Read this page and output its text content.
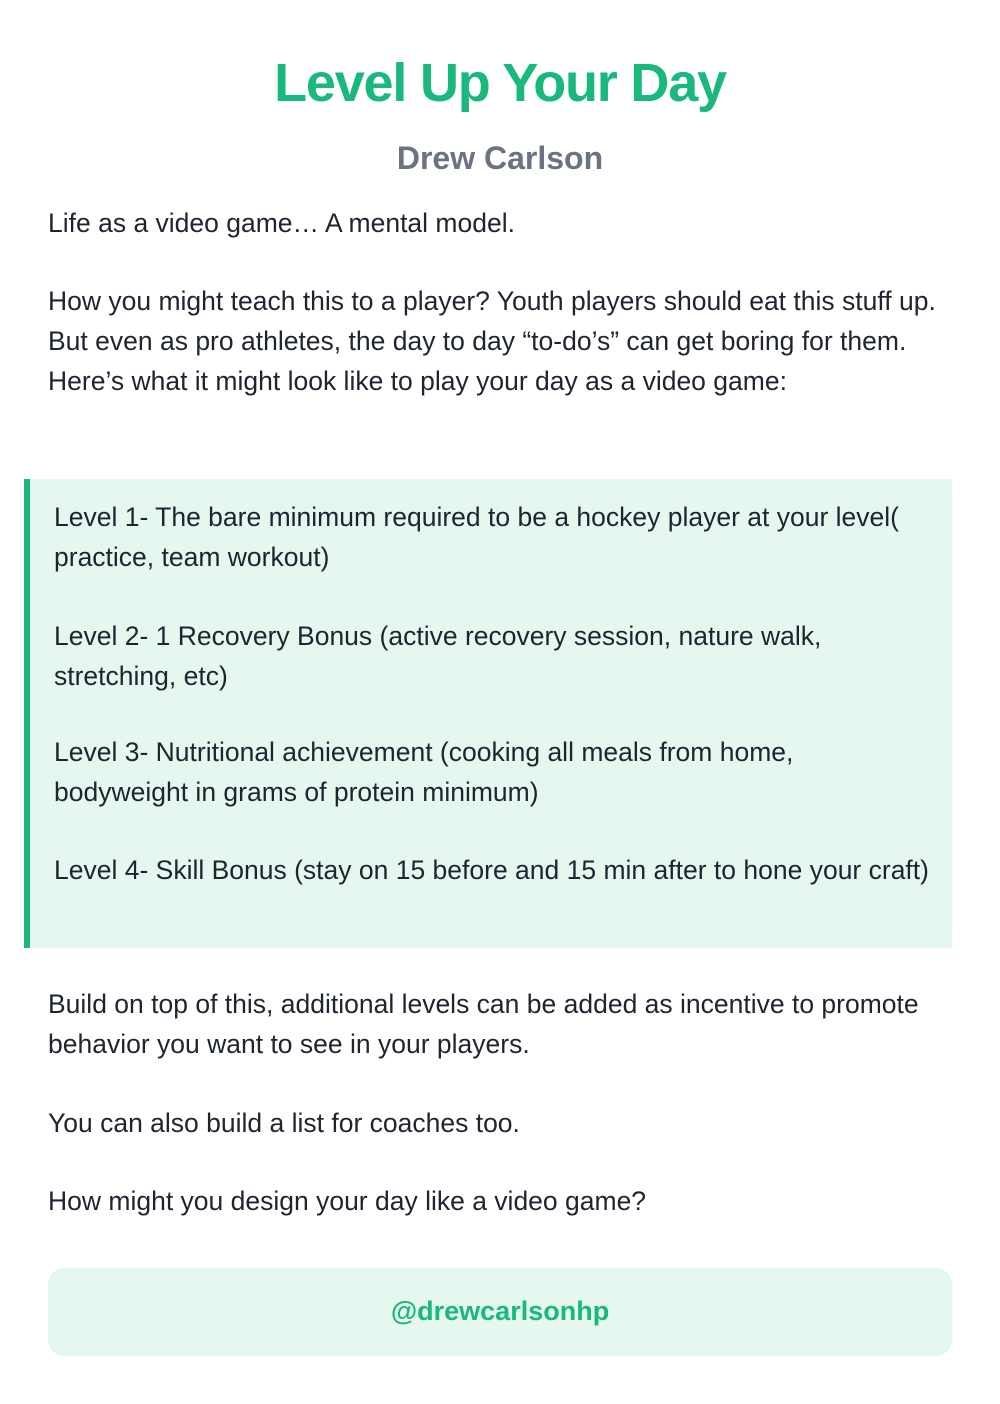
Level Up Your Day
Drew Carlson

Life as a video game… A mental model.

How you might teach this to a player? Youth players should eat this stuff up. But even as pro athletes, the day to day “to-do’s” can get boring for them. Here’s what it might look like to play your day as a video game:

Level 1- The bare minimum required to be a hockey player at your level( practice, team workout)

Level 2- 1 Recovery Bonus (active recovery session, nature walk, stretching, etc)

Level 3- Nutritional achievement (cooking all meals from home, bodyweight in grams of protein minimum)

Level 4- Skill Bonus (stay on 15 before and 15 min after to hone your craft)

Build on top of this, additional levels can be added as incentive to promote behavior you want to see in your players.

You can also build a list for coaches too.

How might you design your day like a video game?

@drewcarlsonhp
